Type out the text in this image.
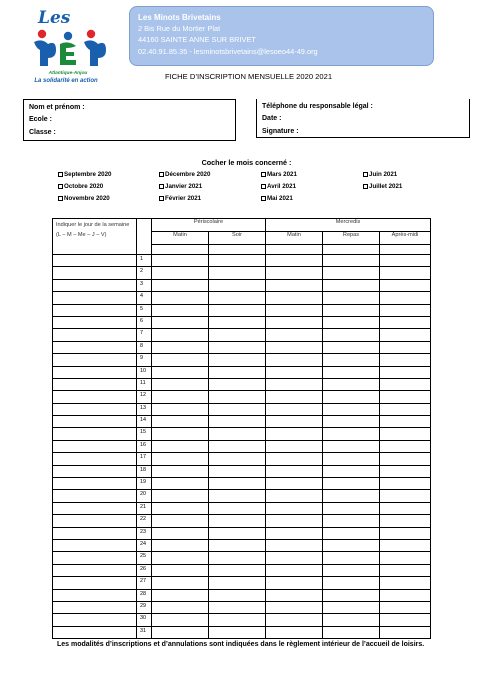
Les
Atlantique-Anjou
La solidarité en action
Les Minots Brivetains
2 Bis Rue du Mortier Plat
44160 SAINTE ANNE SUR BRIVET
02.40.91.85.35 - lesminotsbrivetains@lesoeo44-49.org
FICHE D’INSCRIPTION MENSUELLE 2020 2021
Nom et prénom :
Ecole :
Classe :
Téléphone du responsable légal :
Date :
Signature :
Cocher le mois concerné :
Septembre 2020	Décembre 2020	Mars 2021	Juin 2021
Octobre 2020	Janvier 2021	Avril 2021	Juillet 2021
Novembre 2020	Février 2021	Mai 2021
Indiquer le jour de la semaine
(L – M – Me – J – V)		Périscolaire		Mercredis		
		Matin	Soir	Matin	Repas	Après-midi

	1					
	2					
	3					
	4					
	5					
	6					
	7					
	8					
	9					
	10					
	11					
	12					
	13					
	14					
	15					
	16					
	17					
	18					
	19					
	20					
	21					
	22					
	23					
	24					
	25					
	26					
	27					
	28					
	29					
	30					
	31					
Les modalités d’inscriptions et d’annulations sont indiquées dans le règlement intérieur de l’accueil de loisirs.
